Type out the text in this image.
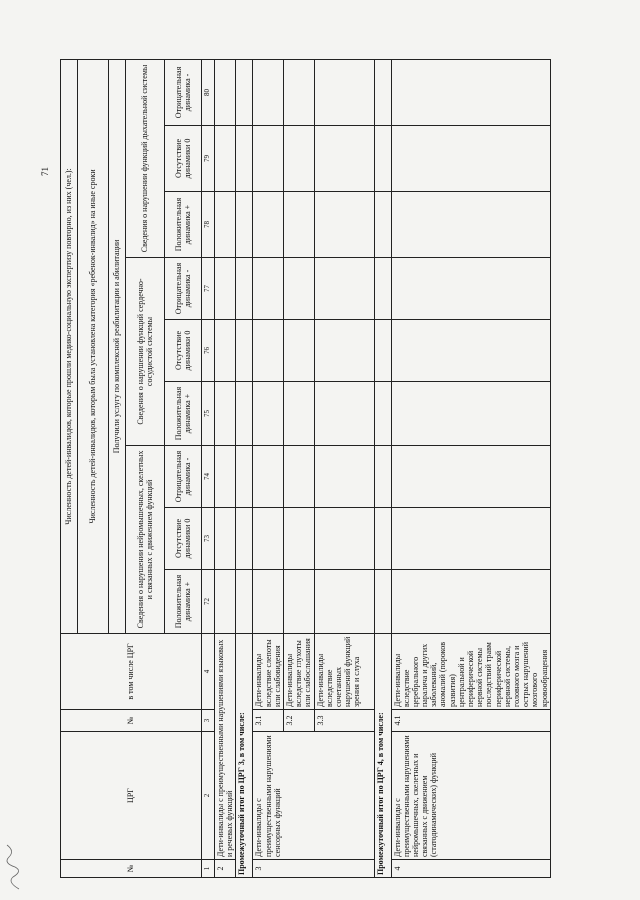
71
№	ЦРГ	№	в том числе ЦРГ	Численность детей-инвалидов, которые прошли медико-социальную экспертизу повторно, из них (чел.):								
				Численность детей-инвалидов, которым была установлена категория «ребенок-инвалид» на иные сроки								
				Получили услугу по комплексной реабилитации и абилитации								
				Сведения о нарушении нейромышечных, скелетных и связанных с движением функций			Сведения о нарушении функций сердечно-сосудистой системы			Сведения о нарушении функций дыхательной системы		
				Положительная динамика +	Отсутствие динамики 0	Отрицательная динамика -	Положительная динамика +	Отсутствие динамики 0	Отрицательная динамика -	Положительная динамика +	Отсутствие динамики 0	Отрицательная динамика -
1	2	3	4	72	73	74	75	76	77	78	79	80
2	Дети-инвалиды с преимущественными нарушениями языковых и речевых функций											
Промежуточный итог по ЦРГ 3, в том числе:												
3	Дети-инвалиды с преимущественными нарушениями сенсорных функций	3.1	Дети-инвалиды вследствие слепоты или слабовидения									
		3.2	Дети-инвалиды вследствие глухоты или слабослышания									
		3.3	Дети-инвалиды вследствие сочетанных нарушений функций зрения и слуха									
Промежуточный итог по ЦРГ 4, в том числе:												
4	Дети-инвалиды с преимущественными нарушениями нейромышечных, скелетных и связанных с движением (статодинамических) функций	4.1	Дети-инвалиды вследствие церебрального паралича и других заболеваний, аномалий (пороков развития) центральной и периферической нервной системы последствий травм периферической нервной системы, головного мозга и острых нарушений мозгового кровообращения									
